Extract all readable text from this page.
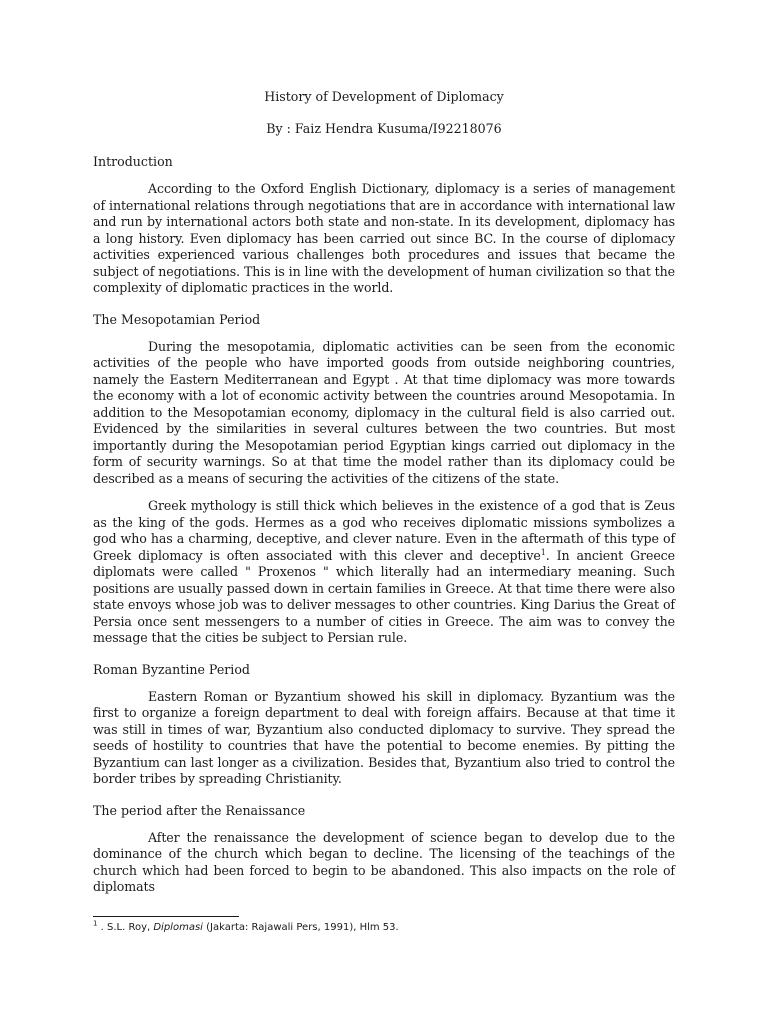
History of Development of Diplomacy

By : Faiz Hendra Kusuma/I92218076

Introduction

According to the Oxford English Dictionary, diplomacy is a series of management of international relations through negotiations that are in accordance with international law and run by international actors both state and non-state. In its development, diplomacy has a long history. Even diplomacy has been carried out since BC. In the course of diplomacy activities experienced various challenges both procedures and issues that became the subject of negotiations. This is in line with the development of human civilization so that the complexity of diplomatic practices in the world.

The Mesopotamian Period

During the mesopotamia, diplomatic activities can be seen from the economic activities of the people who have imported goods from outside neighboring countries, namely the Eastern Mediterranean and Egypt . At that time diplomacy was more towards the economy with a lot of economic activity between the countries around Mesopotamia. In addition to the Mesopotamian economy, diplomacy in the cultural field is also carried out. Evidenced by the similarities in several cultures between the two countries. But most importantly during the Mesopotamian period Egyptian kings carried out diplomacy in the form of security warnings. So at that time the model rather than its diplomacy could be described as a means of securing the activities of the citizens of the state.

Greek mythology is still thick which believes in the existence of a god that is Zeus as the king of the gods. Hermes as a god who receives diplomatic missions symbolizes a god who has a charming, deceptive, and clever nature. Even in the aftermath of this type of Greek diplomacy is often associated with this clever and deceptive$^1$. In ancient Greece diplomats were called " Proxenos " which literally had an intermediary meaning. Such positions are usually passed down in certain families in Greece. At that time there were also state envoys whose job was to deliver messages to other countries. King Darius the Great of Persia once sent messengers to a number of cities in Greece. The aim was to convey the message that the cities be subject to Persian rule.

Roman Byzantine Period

Eastern Roman or Byzantium showed his skill in diplomacy. Byzantium was the first to organize a foreign department to deal with foreign affairs. Because at that time it was still in times of war, Byzantium also conducted diplomacy to survive. They spread the seeds of hostility to countries that have the potential to become enemies. By pitting the Byzantium can last longer as a civilization. Besides that, Byzantium also tried to control the border tribes by spreading Christianity.

The period after the Renaissance

After the renaissance the development of science began to develop due to the dominance of the church which began to decline. The licensing of the teachings of the church which had been forced to begin to be abandoned. This also impacts on the role of diplomats

$^1$ . S.L. Roy, Diplomasi (Jakarta: Rajawali Pers, 1991), Hlm 53.
